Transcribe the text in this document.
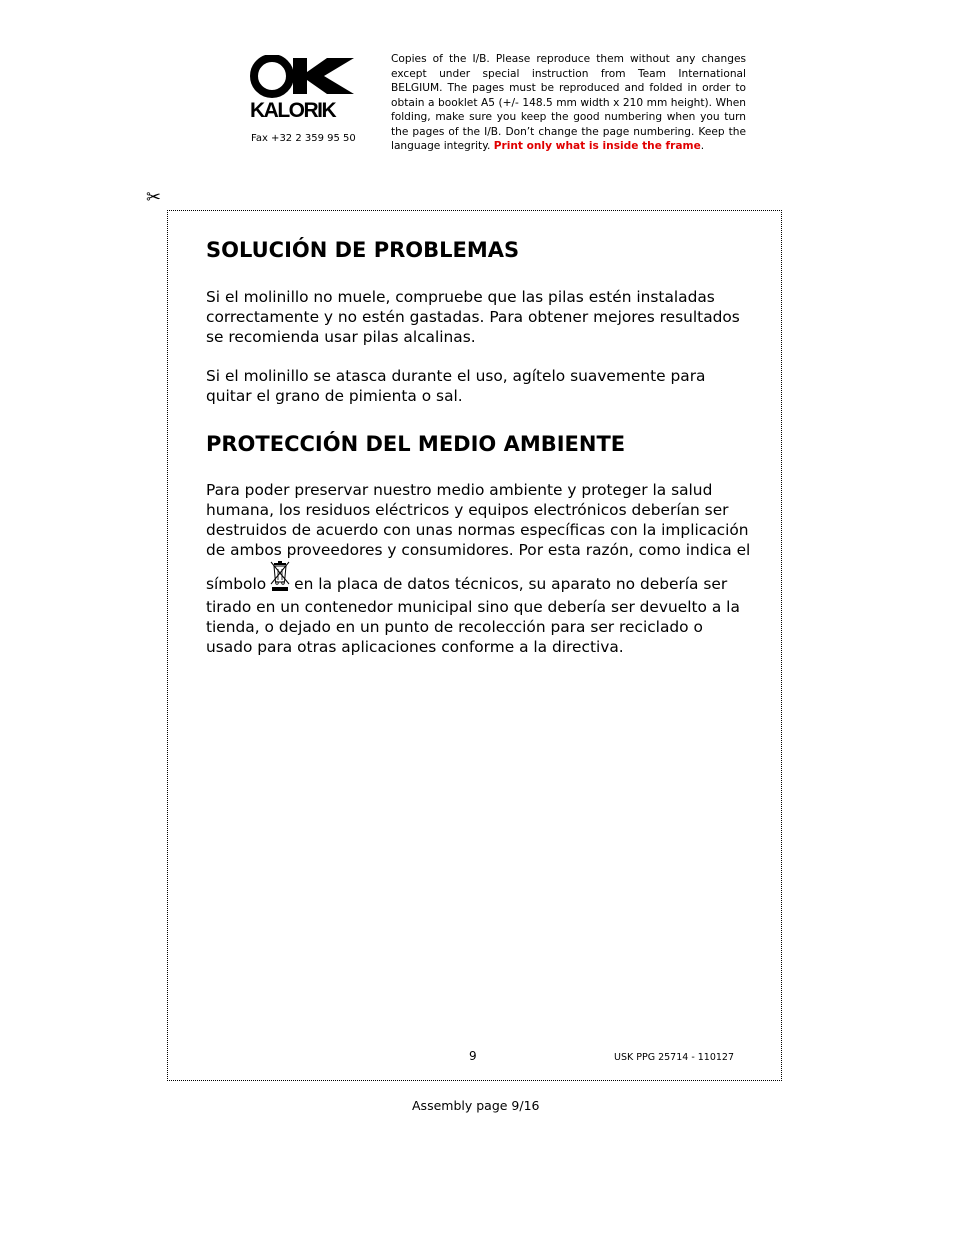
KALORIK
Fax +32 2 359 95 50
Copies of the I/B. Please reproduce them without any changes except under special instruction from Team International BELGIUM. The pages must be reproduced and folded in order to obtain a booklet A5 (+/- 148.5 mm width x 210 mm height). When folding, make sure you keep the good numbering when you turn the pages of the I/B. Don’t change the page numbering. Keep the language integrity. Print only what is inside the frame.
✂
SOLUCIÓN DE PROBLEMAS

Si el molinillo no muele, compruebe que las pilas estén instaladas correctamente y no estén gastadas. Para obtener mejores resultados se recomienda usar pilas alcalinas.

Si el molinillo se atasca durante el uso, agítelo suavemente para quitar el grano de pimienta o sal.

PROTECCIÓN DEL MEDIO AMBIENTE

Para poder preservar nuestro medio ambiente y proteger la salud humana, los residuos eléctricos y equipos electrónicos deberían ser destruidos de acuerdo con unas normas específicas con la implicación de ambos proveedores y consumidores. Por esta razón, como indica el símbolo en la placa de datos técnicos, su aparato no debería ser tirado en un contenedor municipal sino que debería ser devuelto a la tienda, o dejado en un punto de recolección para ser reciclado o usado para otras aplicaciones conforme a la directiva.

9	USK PPG 25714 - 110127
Assembly page 9/16
